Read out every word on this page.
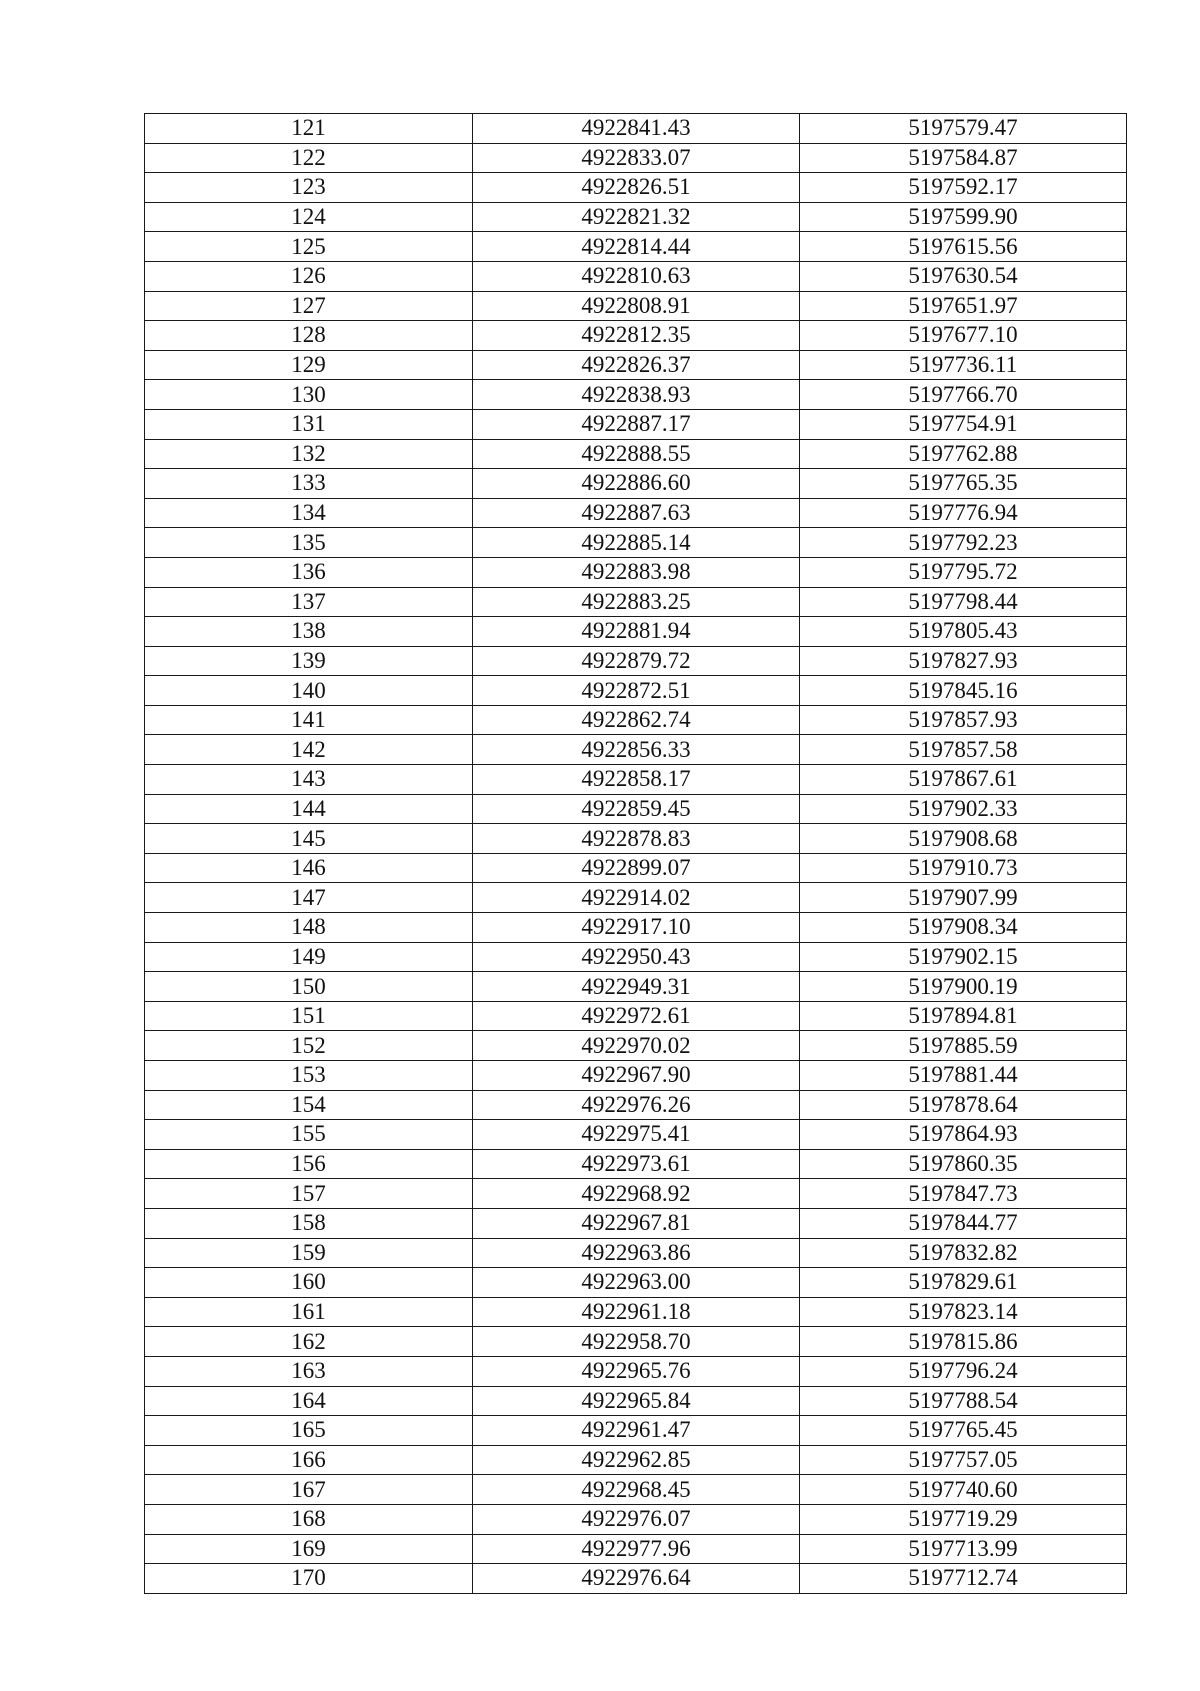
121	4922841.43	5197579.47
122	4922833.07	5197584.87
123	4922826.51	5197592.17
124	4922821.32	5197599.90
125	4922814.44	5197615.56
126	4922810.63	5197630.54
127	4922808.91	5197651.97
128	4922812.35	5197677.10
129	4922826.37	5197736.11
130	4922838.93	5197766.70
131	4922887.17	5197754.91
132	4922888.55	5197762.88
133	4922886.60	5197765.35
134	4922887.63	5197776.94
135	4922885.14	5197792.23
136	4922883.98	5197795.72
137	4922883.25	5197798.44
138	4922881.94	5197805.43
139	4922879.72	5197827.93
140	4922872.51	5197845.16
141	4922862.74	5197857.93
142	4922856.33	5197857.58
143	4922858.17	5197867.61
144	4922859.45	5197902.33
145	4922878.83	5197908.68
146	4922899.07	5197910.73
147	4922914.02	5197907.99
148	4922917.10	5197908.34
149	4922950.43	5197902.15
150	4922949.31	5197900.19
151	4922972.61	5197894.81
152	4922970.02	5197885.59
153	4922967.90	5197881.44
154	4922976.26	5197878.64
155	4922975.41	5197864.93
156	4922973.61	5197860.35
157	4922968.92	5197847.73
158	4922967.81	5197844.77
159	4922963.86	5197832.82
160	4922963.00	5197829.61
161	4922961.18	5197823.14
162	4922958.70	5197815.86
163	4922965.76	5197796.24
164	4922965.84	5197788.54
165	4922961.47	5197765.45
166	4922962.85	5197757.05
167	4922968.45	5197740.60
168	4922976.07	5197719.29
169	4922977.96	5197713.99
170	4922976.64	5197712.74
